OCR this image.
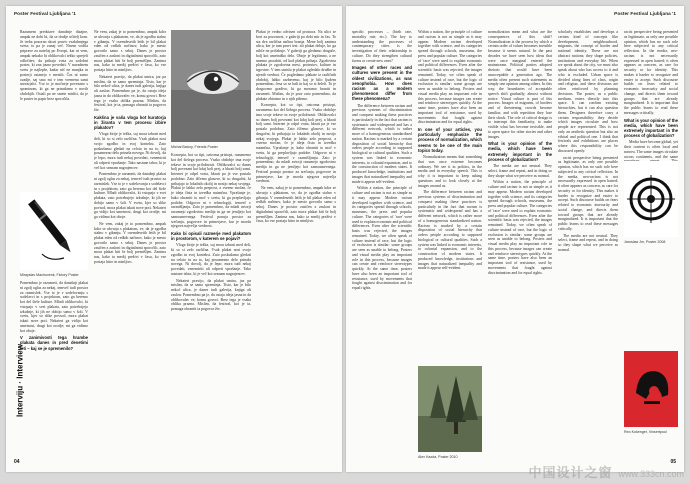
Poster Festival Ljubljana '1

Razumem predstave današnje dizajne, ampak ne dobi bi, da se dražje učitelj kom. Je treba pozorno skozi pravic vsakdanjega sveta; to pa je zunaj več. Nisem vodila priprave za natečaj po Evropi, kar ni vem, ampak nekako bi oblikovalci težko sprejeli odločitev, da prihaja vrsta za sodobni poster, ki zna jasno povedati. V navadnem svetu je najlepše, kadar nič ne manjka in posterji ostanejo v mestih. Čas ni samo ozadje, saj smo mi v tem vremenu sami ustvarjalci. Vse to je močneje povezano s spominom, ki ga ne prinašamo v novih obdobjih. Ostali pa ne smete misliti, da je le poster in papir brez sporočila.

Mirayslav Machovenk, Fictory Poster

Pomembno je razumeti, da današnji plakat ni zgolj oglas za nekaj, temveč tudi prostor za razmislek. Vse to je v sodelovanju s sodelavci in s projektom, zato ga beremo kot del širše kulture. Mladi oblikovalci, ki vstopajo v svet plakata, zato potrebujejo izkušnje, ki jih ne dobijo samo v šoli. V svetu, kjer so slike povsod, mora plakat iskati nove poti. Nekateri ga vidijo kot umetnost, drugi kot orodje; mi ga vidimo kot oboje.

V zanimivosti tega hrambe plakata danes in pred desetimi leti – kaj se je spremenilo?

Ne vem, zakaj je to pomembno, ampak kdor se ukvarja s plakatom, ve, da je zgodba stalno v gibanju. V osemdesetih letih je bil plakat eden od redkih načinov, kako je mesto govorilo samo s seboj. Danes je prostor zasičen z zasloni in digitalnimi sporočili, zato mora plakat biti še bolj premišljen. Zanima nas, kako ta medij preživi v času, ko vse postaja hitro in minljivo.

Nekateri pravijo, da plakat umira, jaz pa mislim, da se samo spreminja. Tisto, kar je bilo nekoč ulica, je danes tudi galerija, knjiga ali zaslon. Pomembno pa je, da ostaja ideja jasna in da oblikovalec ve, komu govori. Brez tega je vsaka oblika prazna. Mislim, da festival, kot je ta, pomaga ohraniti ta pogovor živ.

Kakšna je vaša vloga kot kuratorja in žiranta v tem procesu izbire plakatov?

Vloga žirije je težka, saj mora izbrati med deli, ki so si zelo različna. Vsak plakat nosi svojo zgodbo in svoj kontekst. Zato poskušamo gledati na celoto in na to, kaj posamezno delo prinaša novega. Ni dovolj, da je lepo; mora tudi nekaj povedati, vznemiriti ali odpreti vprašanje. Tako nastane izbor, ki je več kot seznam nagrajencev.

Pomembno je razumeti, da današnji plakat ni zgolj oglas za nekaj, temveč tudi prostor za razmislek. Vse to je v sodelovanju s sodelavci in s projektom, zato ga beremo kot del širše kulture. Mladi oblikovalci, ki vstopajo v svet plakata, zato potrebujejo izkušnje, ki jih ne dobijo samo v šoli. V svetu, kjer so slike povsod, mora plakat iskati nove poti. Nekateri ga vidijo kot umetnost, drugi kot orodje; mi ga vidimo kot oboje.

Ne vem, zakaj je to pomembno, ampak kdor se ukvarja s plakatom, ve, da je zgodba stalno v gibanju. V osemdesetih letih je bil plakat eden od redkih načinov, kako je mesto govorilo samo s seboj. Danes je prostor zasičen z zasloni in digitalnimi sporočili, zato mora plakat biti še bolj premišljen. Zanima nas, kako ta medij preživi v času, ko vse postaja hitro in minljivo.

Michal Batory, Friends Poster

Koncepta, kot so tipi, oziroma pristopi, razumemo kot del širšega procesa. Vsako obdobje ima svoje težave in svoje priložnosti. Oblikovalci so danes bolj povezani kot kdaj koli prej, a hkrati bolj sami. Internet je odprl vrata, hkrati pa je vse postalo podobno. Zato iščemo glasove, ki so drugačni, ki prihajajo iz lokalnih okolij in nosijo nekaj svojega. Plakat je lahko zelo preprost, a vseeno močan, če je ideja čista in izvedba natančna. Vprašanje je, kako ohraniti to moč v svetu, ki ga preplavljajo podobe. Odgovor ni v tehnologiji, temveč v razmišljanju. Zato je pomembno, da mladi avtorji razumejo zgodovino medija in ga ne jemljejo kot samoumevnega. Festival ponuja prostor za srečanja, pogovore in primerjave, kar je morda njegova največja vrednost.

Kako bi opisali razmerje med plakatom in prostorom, v katerem se pojavi?

Vloga žirije je težka, saj mora izbrati med deli, ki so si zelo različna. Vsak plakat nosi svojo zgodbo in svoj kontekst. Zato poskušamo gledati na celoto in na to, kaj posamezno delo prinaša novega. Ni dovolj, da je lepo; mora tudi nekaj povedati, vznemiriti ali odpreti vprašanje. Tako nastane izbor, ki je več kot seznam nagrajencev.

Nekateri pravijo, da plakat umira, jaz pa mislim, da se samo spreminja. Tisto, kar je bilo nekoč ulica, je danes tudi galerija, knjiga ali zaslon. Pomembno pa je, da ostaja ideja jasna in da oblikovalec ve, komu govori. Brez tega je vsaka oblika prazna. Mislim, da festival, kot je ta, pomaga ohraniti ta pogovor živ.

Plakat je vedno odvisen od prostora. Na ulici se bori za pozornost, v galeriji pa dobi mir in čas. To sta dva različna načina branja. Mene bolj zanima ulica, ker je tam pravi test: ali plakat deluje, ko ga nihče ne pričakuje. V galeriji ga gledamo drugače, bolj kot umetniško delo. Oboje je legitimno, a ne smemo pozabiti, od kod plakat prihaja. Zgodovina plakata je zgodovina mest, protestov, kulture in trgovine. V tem smislu je plakat ogledalo družbe in njenih vrednot. Če pogledamo plakate iz različnih obdobij, lahko razberemo, kaj je bilo ljudem pomembno, česa so se bali in kaj so si želeli. To je dragoceno gradivo, ki ga moramo hraniti in razumeti. Mislim, da je prav zato pomembno, da plakate zbiramo in o njih pišemo.

Koncepta, kot so tipi, oziroma pristopi, razumemo kot del širšega procesa. Vsako obdobje ima svoje težave in svoje priložnosti. Oblikovalci so danes bolj povezani kot kdaj koli prej, a hkrati bolj sami. Internet je odprl vrata, hkrati pa je vse postalo podobno. Zato iščemo glasove, ki so drugačni, ki prihajajo iz lokalnih okolij in nosijo nekaj svojega. Plakat je lahko zelo preprost, a vseeno močan, če je ideja čista in izvedba natančna. Vprašanje je, kako ohraniti to moč v svetu, ki ga preplavljajo podobe. Odgovor ni v tehnologiji, temveč v razmišljanju. Zato je pomembno, da mladi avtorji razumejo zgodovino medija in ga ne jemljejo kot samoumevnega. Festival ponuja prostor za srečanja, pogovore in primerjave, kar je morda njegova največja vrednost.

Ne vem, zakaj je to pomembno, ampak kdor se ukvarja s plakatom, ve, da je zgodba stalno v gibanju. V osemdesetih letih je bil plakat eden od redkih načinov, kako je mesto govorilo samo s seboj. Danes je prostor zasičen z zasloni in digitalnimi sporočili, zato mora plakat biti še bolj premišljen. Zanima nas, kako ta medij preživi v času, ko vse postaja hitro in minljivo.

Interviju · Interview
04
Poster Festival Ljubljana '1

specific processes – (birth rate, mortality rate, etc.). The key to understanding the processes of contemporary cities is the investigation of their relationship to culture. Do they strengthen cultural forms or create new ones?

Images of other races and cultures were present in the oldest civilizations, as was xenophobia. How does racism as a modern phenomenon differ from these phenomena?

The difference between racism and previous systems of discrimination and conquest making these practices is particularly in the fact that racism is systematic and widespread and has a different network, which is rather more of a homogeneous standardized nation. Racism is marked by a certain disposition of social hierarchy that orders people according to supposed biological or cultural qualities. Such a system was linked to economic interests, to colonial expansion, and to the construction of modern states. It produced knowledge, institutions and images that naturalized inequality and made it appear self-evident.

Within a nation, the principle of culture and racism is not as simple as it may appear. Modern racism developed together with science, and its categories spread through schools, museums, the press and popular culture. The categories of 'race' were used to explain economic and political differences. Even after the scientific basis was rejected, the images remained. Today, we often speak of culture instead of race, but the logic of exclusion is similar: some groups are seen as unable to belong. Posters and visual media play an important role in this process, because images can create and reinforce stereotypes quickly. At the same time, posters have also been an important tool of resistance, used by movements that fought against discrimination and for equal rights.

Within a nation, the principle of culture and racism is not as simple as it may appear. Modern racism developed together with science, and its categories spread through schools, museums, the press and popular culture. The categories of 'race' were used to explain economic and political differences. Even after the scientific basis was rejected, the images remained. Today, we often speak of culture instead of race, but the logic of exclusion is similar: some groups are seen as unable to belong. Posters and visual media play an important role in this process, because images can create and reinforce stereotypes quickly. At the same time, posters have also been an important tool of resistance, used by movements that fought against discrimination and for equal rights.

In one of your articles, you particularly emphasize the process of normalization, which seems to be one of the main topics today.

Normalization means that something that was once extreme becomes ordinary. We see it in politics, in the media and in everyday speech. This is why it is important to keep asking questions and to look closely at the images around us.

The difference between racism and previous systems of discrimination and conquest making these practices is particularly in the fact that racism is systematic and widespread and has a different network, which is rather more of a homogeneous standardized nation. Racism is marked by a certain disposition of social hierarchy that orders people according to supposed biological or cultural qualities. Such a system was linked to economic interests, to colonial expansion, and to the construction of modern states. It produced knowledge, institutions and images that naturalized inequality and made it appear self-evident.

normalization mean and what are the consequences of this shift? Normalization is the process by which a certain order of values becomes invisible because it seems natural. In the past decades we have seen how ideas that were once marginal entered the mainstream. Political parties adopted rhetoric that would have been unacceptable a generation ago. The media often present such statements as simply one opinion among others. In this way, the boundaries of acceptable speech shift gradually, almost without notice. Visual culture is part of this process. Images of migrants, of borders and of threatening crowds become familiar, and with repetition they lose their shock. The role of critical design is to interrupt this familiarity, to make visible what has become invisible, and to open space for other stories and other images.

What is your opinion of the media, which have been extremely important in the process of globalization?

The media are not neutral. They select, frame and repeat, and in doing so they shape what we perceive as normal.

Within a nation, the principle of culture and racism is not as simple as it may appear. Modern racism developed together with science, and its categories spread through schools, museums, the press and popular culture. The categories of 'race' were used to explain economic and political differences. Even after the scientific basis was rejected, the images remained. Today, we often speak of culture instead of race, but the logic of exclusion is similar: some groups are seen as unable to belong. Posters and visual media play an important role in this process, because images can create and reinforce stereotypes quickly. At the same time, posters have also been an important tool of resistance, used by movements that fought against discrimination and for equal rights.

scholarly establishes and develops a certain kind of concepts like development, neighbourhood, migrants, the concept of border and national identity. These are not abstract notions; they shape policies, institutions and everyday life. When we speak about the city, we must also speak about who has access to it and who is excluded. Urban space is divided along lines of class, origin and religion, and these divisions are often reinforced by planning decisions. The poster, as a public medium, enters directly into this space. It can confirm existing hierarchies, but it can also question them. Designers therefore carry a certain responsibility: they decide which images circulate and how people are represented. This is not only an aesthetic question but also an ethical and political one. I think that festivals and exhibitions are places where this responsibility can be discussed openly.

racist perspective being presented as legitimate, as only one possible opinion, which has no such role here subjected to any critical reflection. In the media, neo-racism is not necessarily expressed in open hatred; it often appears as concern, as care for security or for identity. This makes it harder to recognize and easier to accept. Such discourse builds on fears related to economic insecurity and social change, and directs them toward groups that are already marginalized. It is important that the public learns to read these messages critically.

The media are not neutral. They select, frame and repeat, and in doing so they shape what we perceive as normal.

racist perspective being presented as legitimate, as only one possible opinion, which has no such role here subjected to any critical reflection. In the media, neo-racism is not necessarily expressed in open hatred; it often appears as concern, as care for security or for identity. This makes it harder to recognize and easier to accept. Such discourse builds on fears related to economic insecurity and social change, and directs them toward groups that are already marginalized. It is important that the public learns to read these messages critically.

What is your opinion of the media, which have been extremely important in the process of globalization?

Media have become global, yet their content is often local and narrow. The same images circulate across continents, and the same

Alex Kazda, Poster 2010
Jaroslaw Jm, Poster 2008
Reo Kokenger, Vinsertpool
05
中国设计之窗 www.333cn.com
